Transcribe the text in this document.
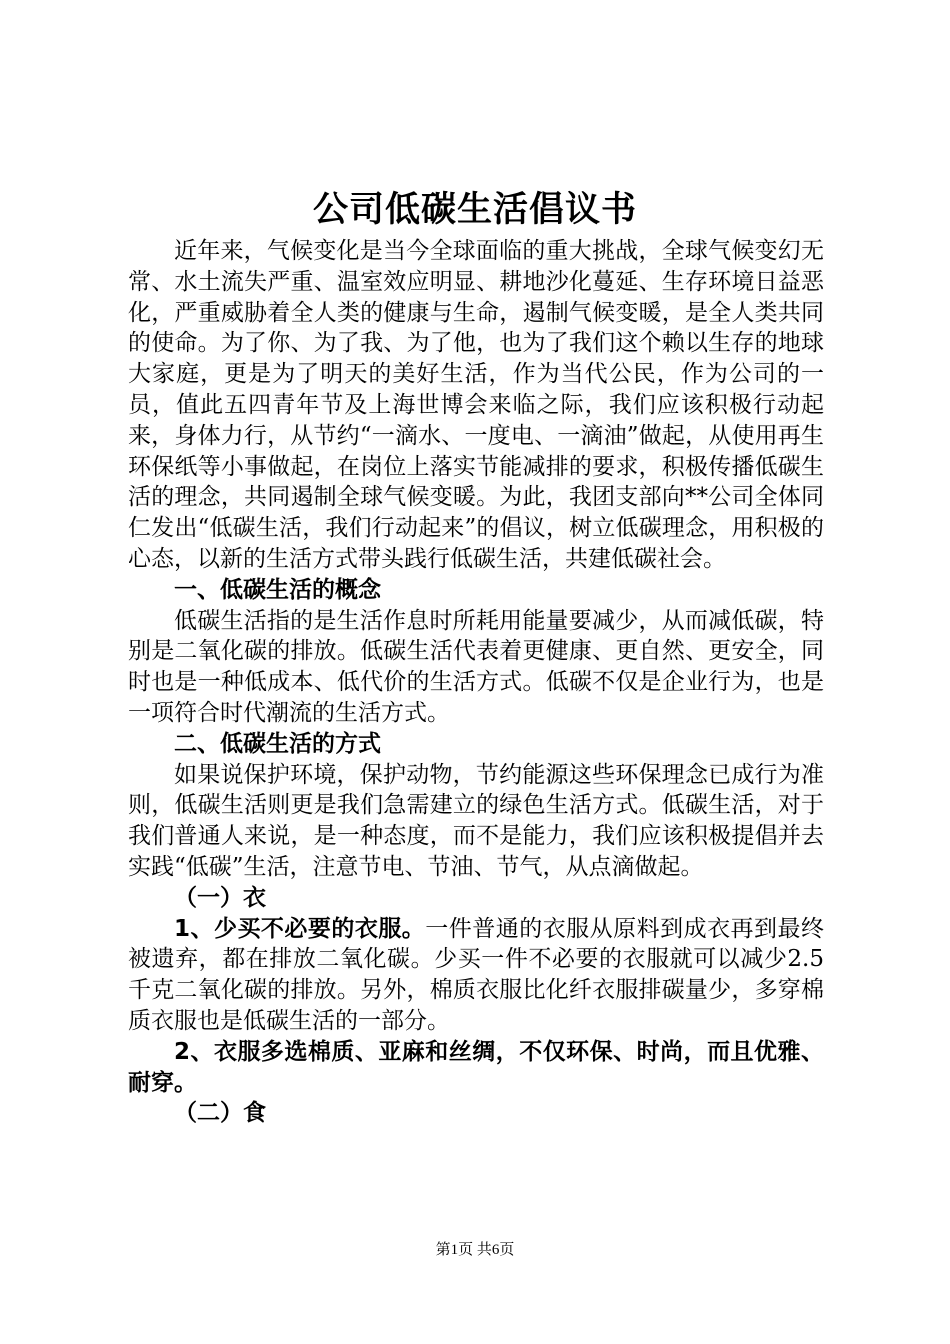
公司低碳生活倡议书

近年来，气候变化是当今全球面临的重大挑战，全球气候变幻无常、水土流失严重、温室效应明显、耕地沙化蔓延、生存环境日益恶化，严重威胁着全人类的健康与生命，遏制气候变暖，是全人类共同的使命。为了你、为了我、为了他，也为了我们这个赖以生存的地球大家庭，更是为了明天的美好生活，作为当代公民，作为公司的一员，值此五四青年节及上海世博会来临之际，我们应该积极行动起来，身体力行，从节约“一滴水、一度电、一滴油”做起，从使用再生环保纸等小事做起，在岗位上落实节能减排的要求，积极传播低碳生活的理念，共同遏制全球气候变暖。为此，我团支部向**公司全体同仁发出“低碳生活，我们行动起来”的倡议，树立低碳理念，用积极的心态，以新的生活方式带头践行低碳生活，共建低碳社会。

一、低碳生活的概念

低碳生活指的是生活作息时所耗用能量要减少，从而减低碳，特别是二氧化碳的排放。低碳生活代表着更健康、更自然、更安全，同时也是一种低成本、低代价的生活方式。低碳不仅是企业行为，也是一项符合时代潮流的生活方式。

二、低碳生活的方式

如果说保护环境，保护动物，节约能源这些环保理念已成行为准则，低碳生活则更是我们急需建立的绿色生活方式。低碳生活，对于我们普通人来说，是一种态度，而不是能力，我们应该积极提倡并去实践“低碳”生活，注意节电、节油、节气，从点滴做起。

（一）衣

1、少买不必要的衣服。一件普通的衣服从原料到成衣再到最终被遗弃，都在排放二氧化碳。少买一件不必要的衣服就可以减少2.5千克二氧化碳的排放。另外，棉质衣服比化纤衣服排碳量少，多穿棉质衣服也是低碳生活的一部分。

2、衣服多选棉质、亚麻和丝绸，不仅环保、时尚，而且优雅、耐穿。

（二）食

第1页 共6页
